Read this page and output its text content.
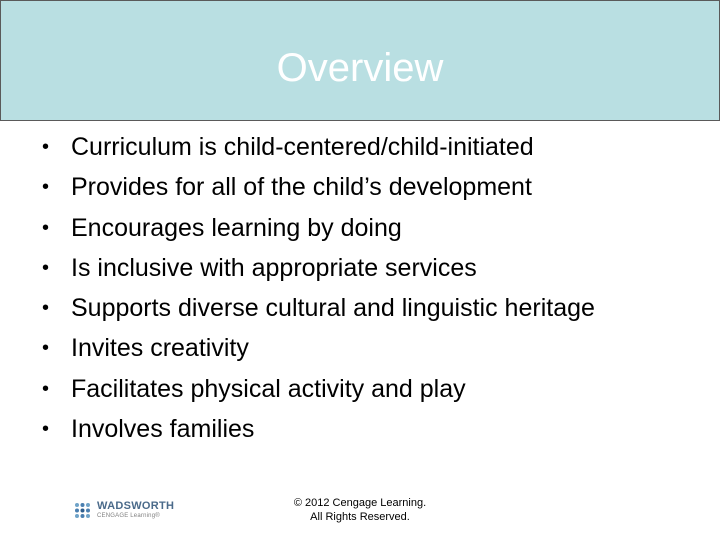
Overview
• Curriculum is child-centered/child-initiated
• Provides for all of the child’s development
• Encourages learning by doing
• Is inclusive with appropriate services
• Supports diverse cultural and linguistic heritage
• Invites creativity
• Facilitates physical activity and play
• Involves families
WADSWORTH
CENGAGE Learning®
© 2012 Cengage Learning.
All Rights Reserved.
